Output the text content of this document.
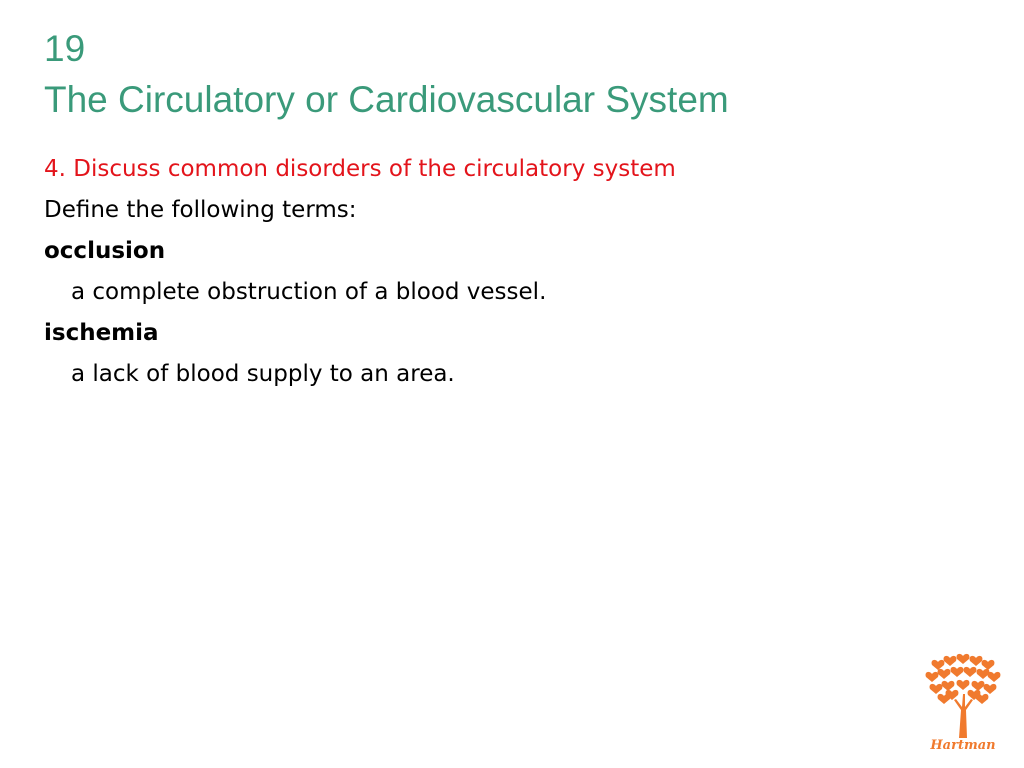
19
The Circulatory or Cardiovascular System
4. Discuss common disorders of the circulatory system
Define the following terms:
occlusion
a complete obstruction of a blood vessel.
ischemia
a lack of blood supply to an area.
Hartman
